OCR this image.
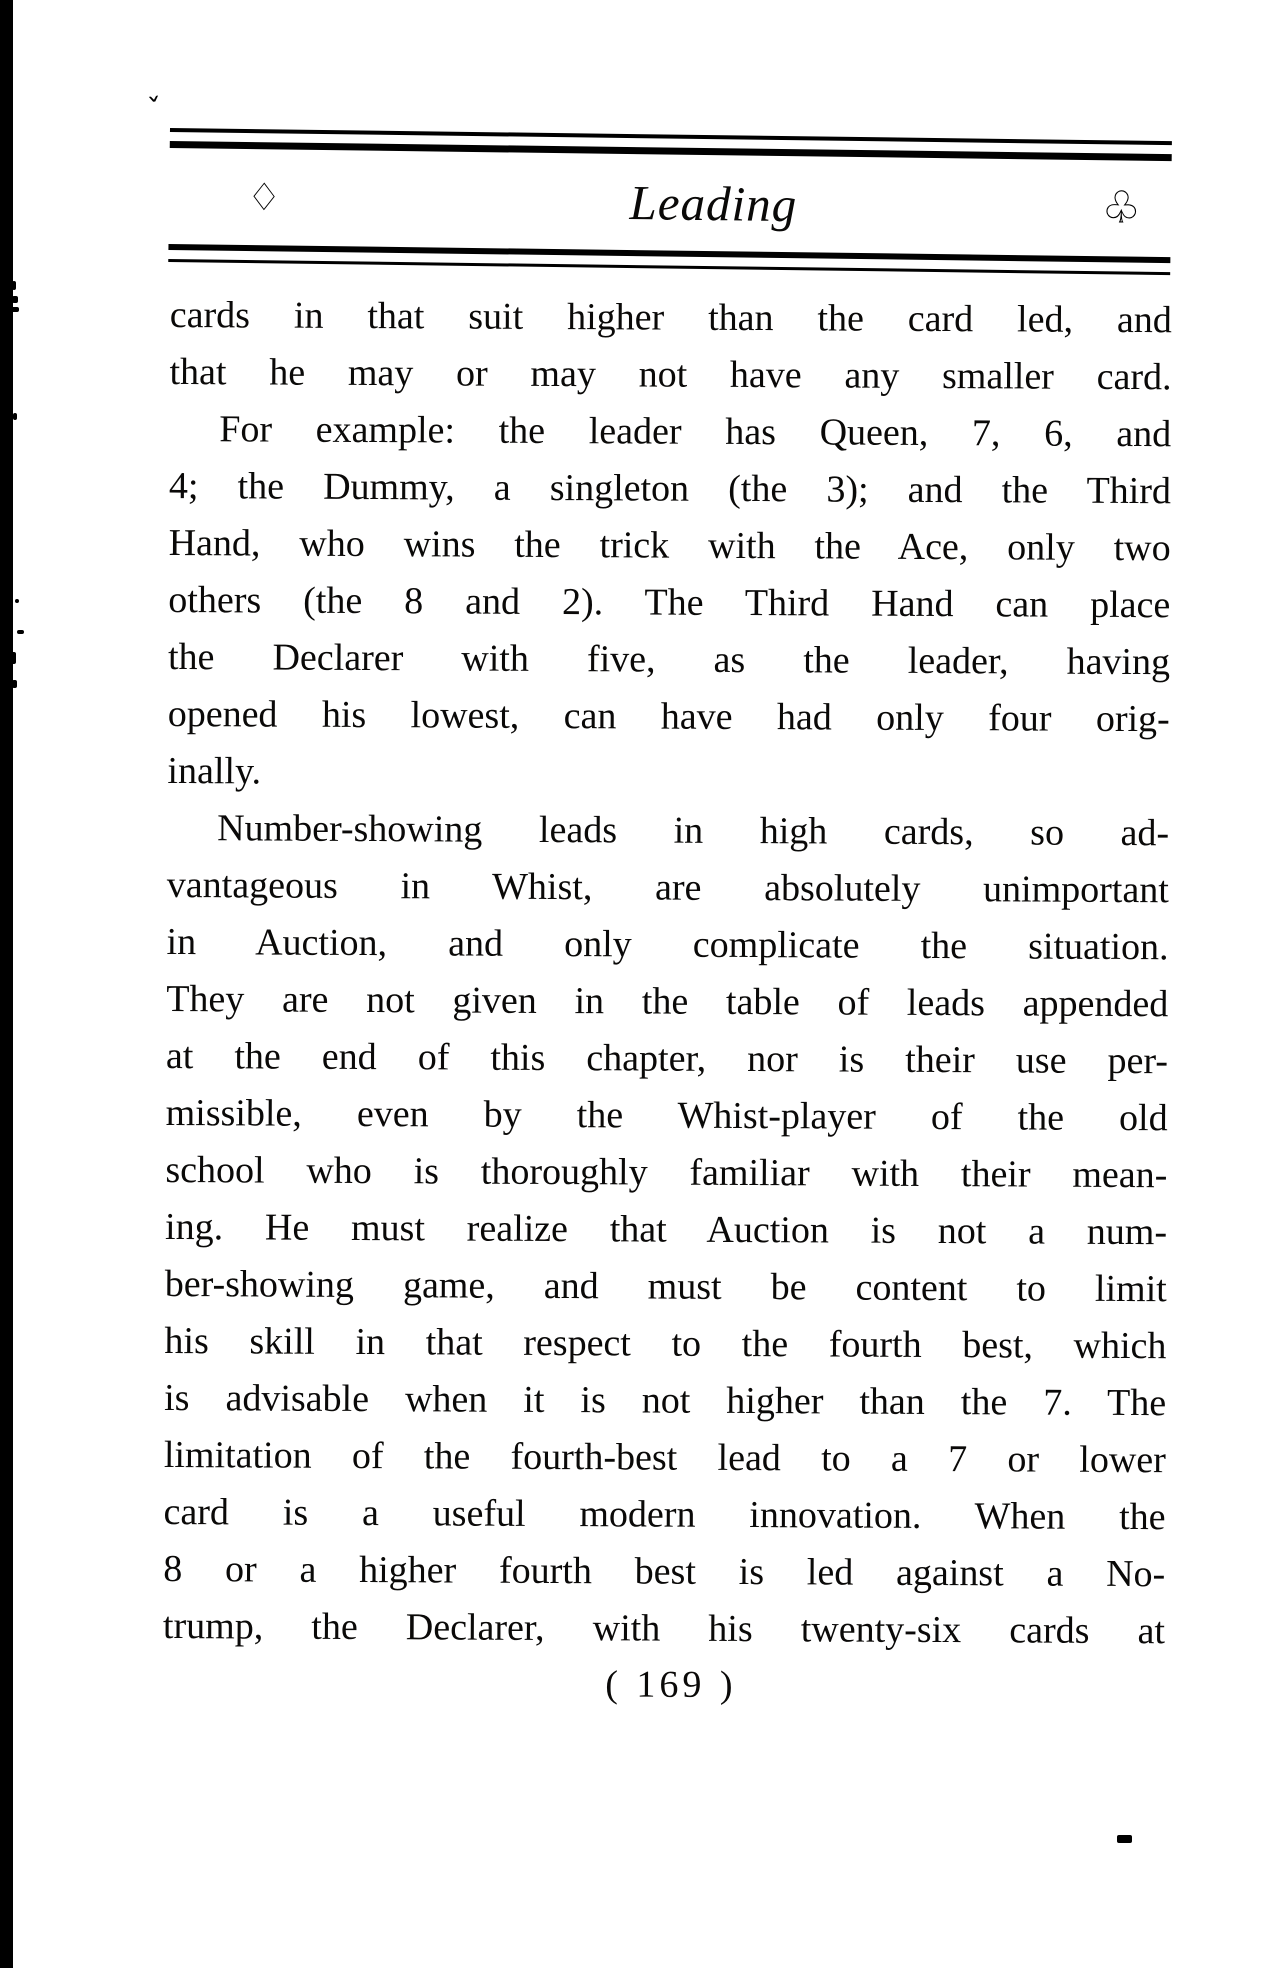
ˇ
♢	Leading	♧
cards in that suit higher than the card led, and
that he may or may not have any smaller card.
For example: the leader has Queen, 7, 6, and
4; the Dummy, a singleton (the 3); and the Third
Hand, who wins the trick with the Ace, only two
others (the 8 and 2). The Third Hand can place
the Declarer with five, as the leader, having
opened his lowest, can have had only four orig-
inally.
Number-showing leads in high cards, so ad-
vantageous in Whist, are absolutely unimportant
in Auction, and only complicate the situation.
They are not given in the table of leads appended
at the end of this chapter, nor is their use per-
missible, even by the Whist-player of the old
school who is thoroughly familiar with their mean-
ing. He must realize that Auction is not a num-
ber-showing game, and must be content to limit
his skill in that respect to the fourth best, which
is advisable when it is not higher than the 7. The
limitation of the fourth-best lead to a 7 or lower
card is a useful modern innovation. When the
8 or a higher fourth best is led against a No-
trump, the Declarer, with his twenty-six cards at
( 169 )
